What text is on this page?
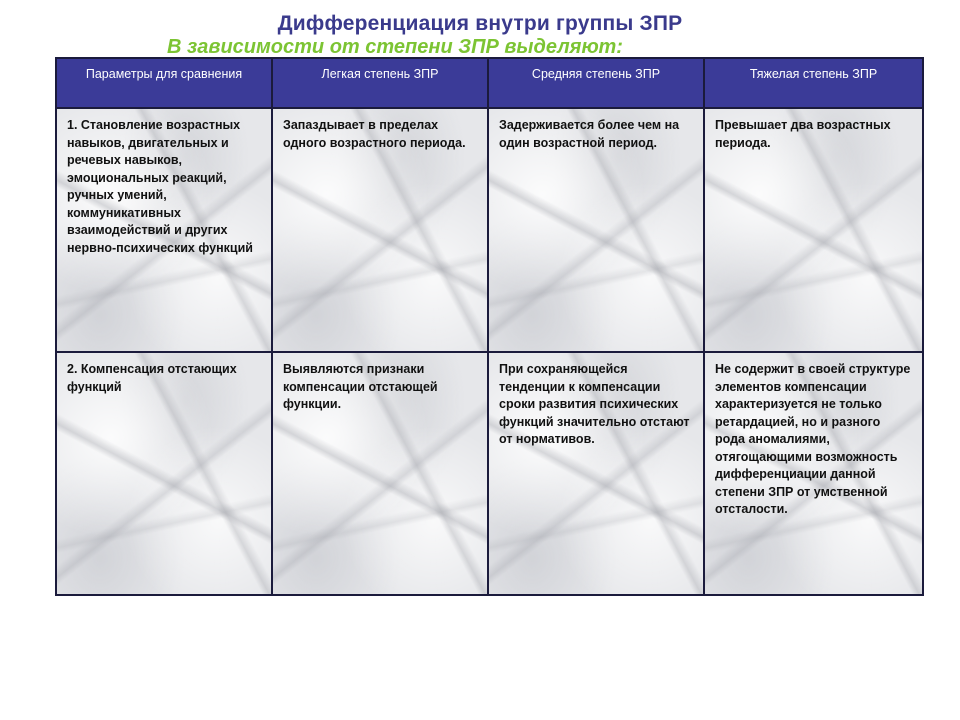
Дифференциация внутри группы ЗПР
В зависимости от степени ЗПР выделяют:
Параметры для сравнения	Легкая степень ЗПР	Средняя степень ЗПР	Тяжелая степень ЗПР
1. Становление возрастных навыков, двигательных и речевых навыков, эмоциональных реакций, ручных умений, коммуникативных взаимодействий и других нервно-психических функций	Запаздывает в пределах одного возрастного периода.	Задерживается более чем на один возрастной период.	Превышает два возрастных периода.
2. Компенсация отстающих функций	Выявляются признаки компенсации отстающей функции.	При сохраняющейся тенденции к компенсации сроки развития психических функций значительно отстают от нормативов.	Не содержит в своей структуре элементов компенсации характеризуется не только ретардацией, но и разного рода аномалиями, отягощающими возможность дифференциации данной степени ЗПР от умственной отсталости.
